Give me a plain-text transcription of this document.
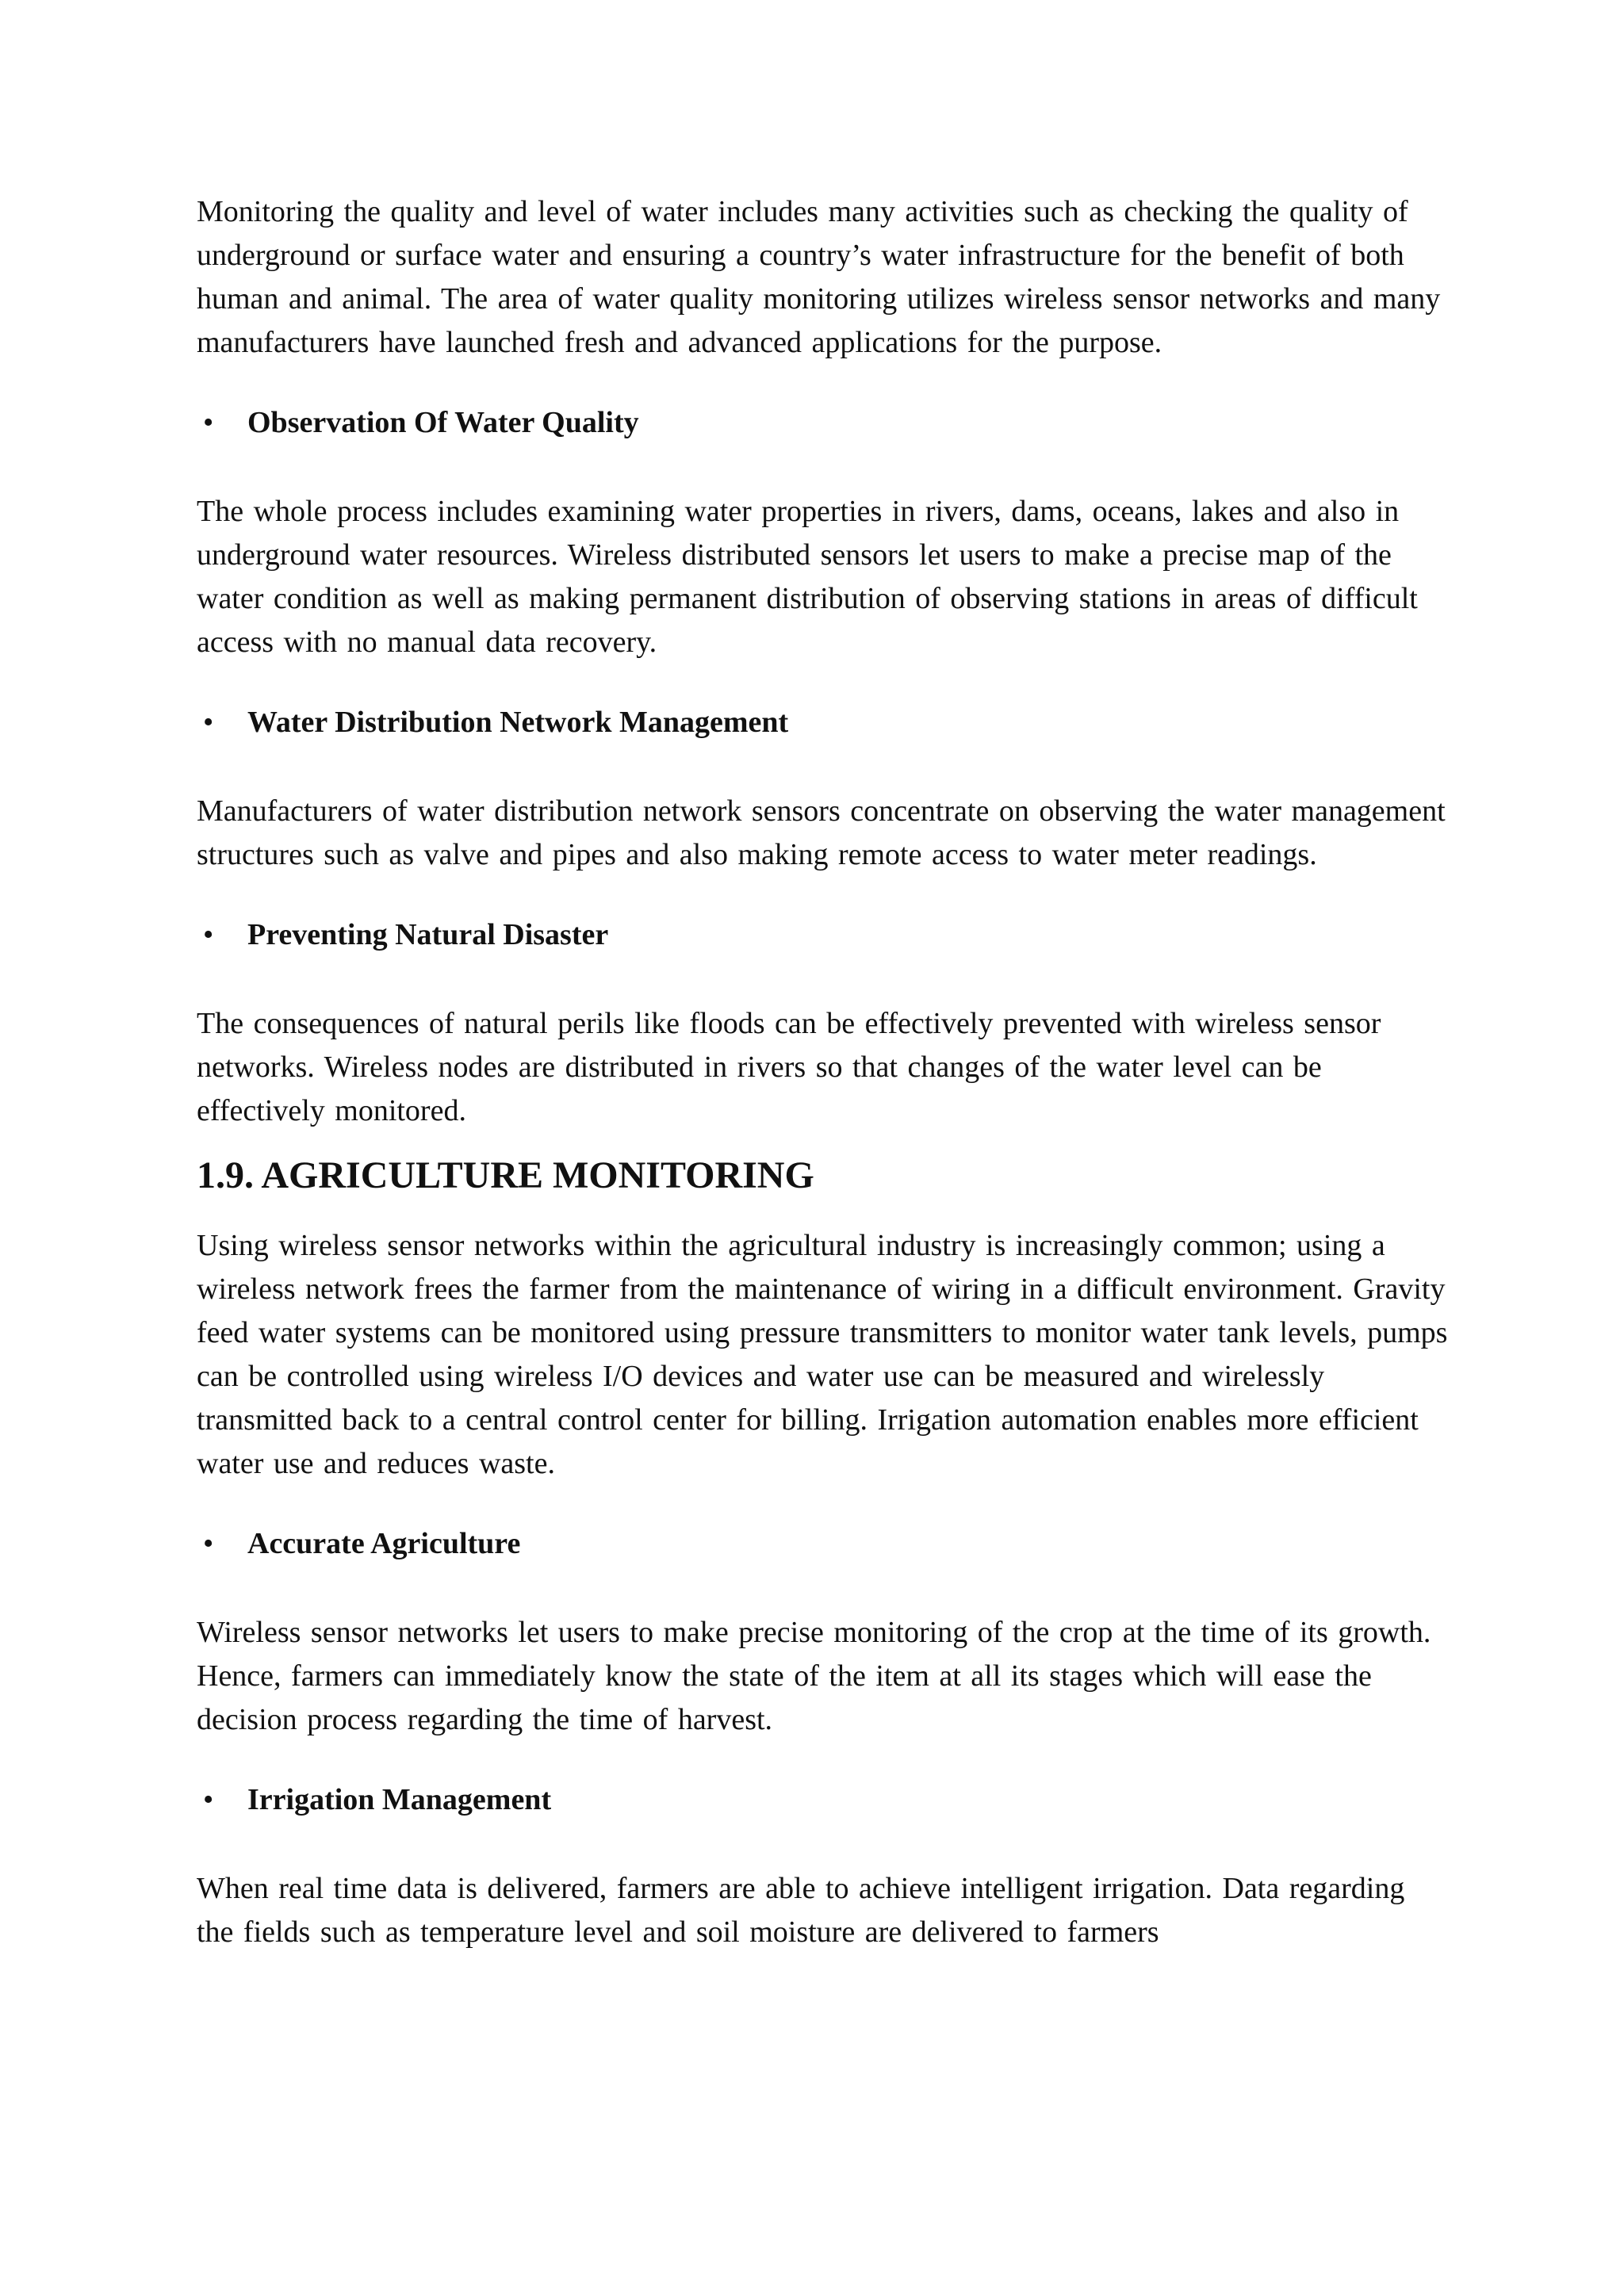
Monitoring the quality and level of water includes many activities such as checking the quality of underground or surface water and ensuring a country’s water infrastructure for the benefit of both human and animal. The area of water quality monitoring utilizes wireless sensor networks and many manufacturers have launched fresh and advanced applications for the purpose.

• Observation Of Water Quality

The whole process includes examining water properties in rivers, dams, oceans, lakes and also in underground water resources. Wireless distributed sensors let users to make a precise map of the water condition as well as making permanent distribution of observing stations in areas of difficult access with no manual data recovery.

• Water Distribution Network Management

Manufacturers of water distribution network sensors concentrate on observing the water management structures such as valve and pipes and also making remote access to water meter readings.

• Preventing Natural Disaster

The consequences of natural perils like floods can be effectively prevented with wireless sensor networks. Wireless nodes are distributed in rivers so that changes of the water level can be effectively monitored.

1.9. AGRICULTURE MONITORING

Using wireless sensor networks within the agricultural industry is increasingly common; using a wireless network frees the farmer from the maintenance of wiring in a difficult environment. Gravity feed water systems can be monitored using pressure transmitters to monitor water tank levels, pumps can be controlled using wireless I/O devices and water use can be measured and wirelessly transmitted back to a central control center for billing. Irrigation automation enables more efficient water use and reduces waste.

• Accurate Agriculture

Wireless sensor networks let users to make precise monitoring of the crop at the time of its growth. Hence, farmers can immediately know the state of the item at all its stages which will ease the decision process regarding the time of harvest.

• Irrigation Management

When real time data is delivered, farmers are able to achieve intelligent irrigation. Data regarding the fields such as temperature level and soil moisture are delivered to farmers
